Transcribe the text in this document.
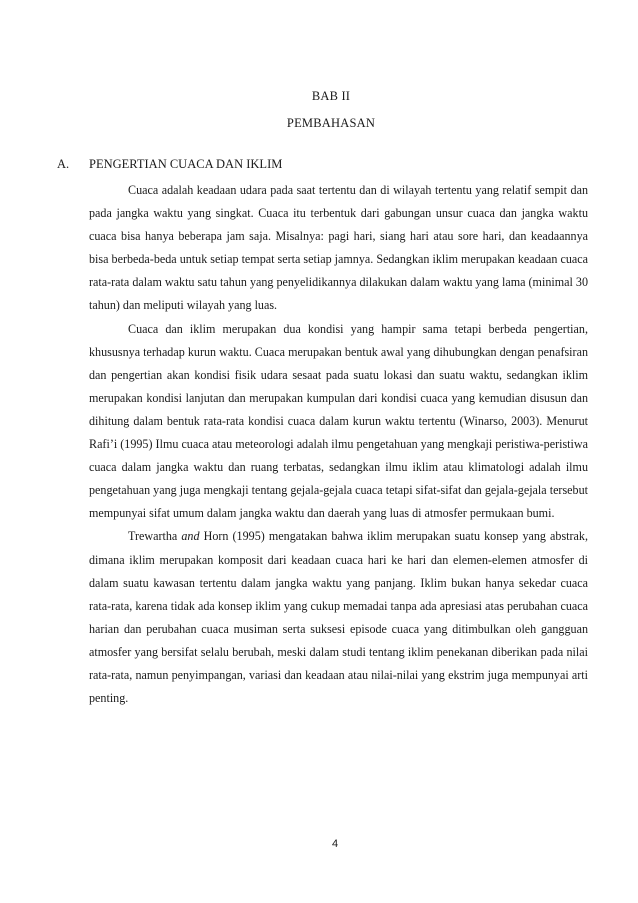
BAB II
PEMBAHASAN
A. PENGERTIAN CUACA DAN IKLIM

Cuaca adalah keadaan udara pada saat tertentu dan di wilayah tertentu yang relatif sempit dan pada jangka waktu yang singkat. Cuaca itu terbentuk dari gabungan unsur cuaca dan jangka waktu cuaca bisa hanya beberapa jam saja. Misalnya: pagi hari, siang hari atau sore hari, dan keadaannya bisa berbeda-beda untuk setiap tempat serta setiap jamnya. Sedangkan iklim merupakan keadaan cuaca rata-rata dalam waktu satu tahun yang penyelidikannya dilakukan dalam waktu yang lama (minimal 30 tahun) dan meliputi wilayah yang luas.

Cuaca dan iklim merupakan dua kondisi yang hampir sama tetapi berbeda pengertian, khususnya terhadap kurun waktu. Cuaca merupakan bentuk awal yang dihubungkan dengan penafsiran dan pengertian akan kondisi fisik udara sesaat pada suatu lokasi dan suatu waktu, sedangkan iklim merupakan kondisi lanjutan dan merupakan kumpulan dari kondisi cuaca yang kemudian disusun dan dihitung dalam bentuk rata-rata kondisi cuaca dalam kurun waktu tertentu (Winarso, 2003). Menurut Rafi’i (1995) Ilmu cuaca atau meteorologi adalah ilmu pengetahuan yang mengkaji peristiwa-peristiwa cuaca dalam jangka waktu dan ruang terbatas, sedangkan ilmu iklim atau klimatologi adalah ilmu pengetahuan yang juga mengkaji tentang gejala-gejala cuaca tetapi sifat-sifat dan gejala-gejala tersebut mempunyai sifat umum dalam jangka waktu dan daerah yang luas di atmosfer permukaan bumi.

Trewartha and Horn (1995) mengatakan bahwa iklim merupakan suatu konsep yang abstrak, dimana iklim merupakan komposit dari keadaan cuaca hari ke hari dan elemen-elemen atmosfer di dalam suatu kawasan tertentu dalam jangka waktu yang panjang. Iklim bukan hanya sekedar cuaca rata-rata, karena tidak ada konsep iklim yang cukup memadai tanpa ada apresiasi atas perubahan cuaca harian dan perubahan cuaca musiman serta suksesi episode cuaca yang ditimbulkan oleh gangguan atmosfer yang bersifat selalu berubah, meski dalam studi tentang iklim penekanan diberikan pada nilai rata-rata, namun penyimpangan, variasi dan keadaan atau nilai-nilai yang ekstrim juga mempunyai arti penting.

4
